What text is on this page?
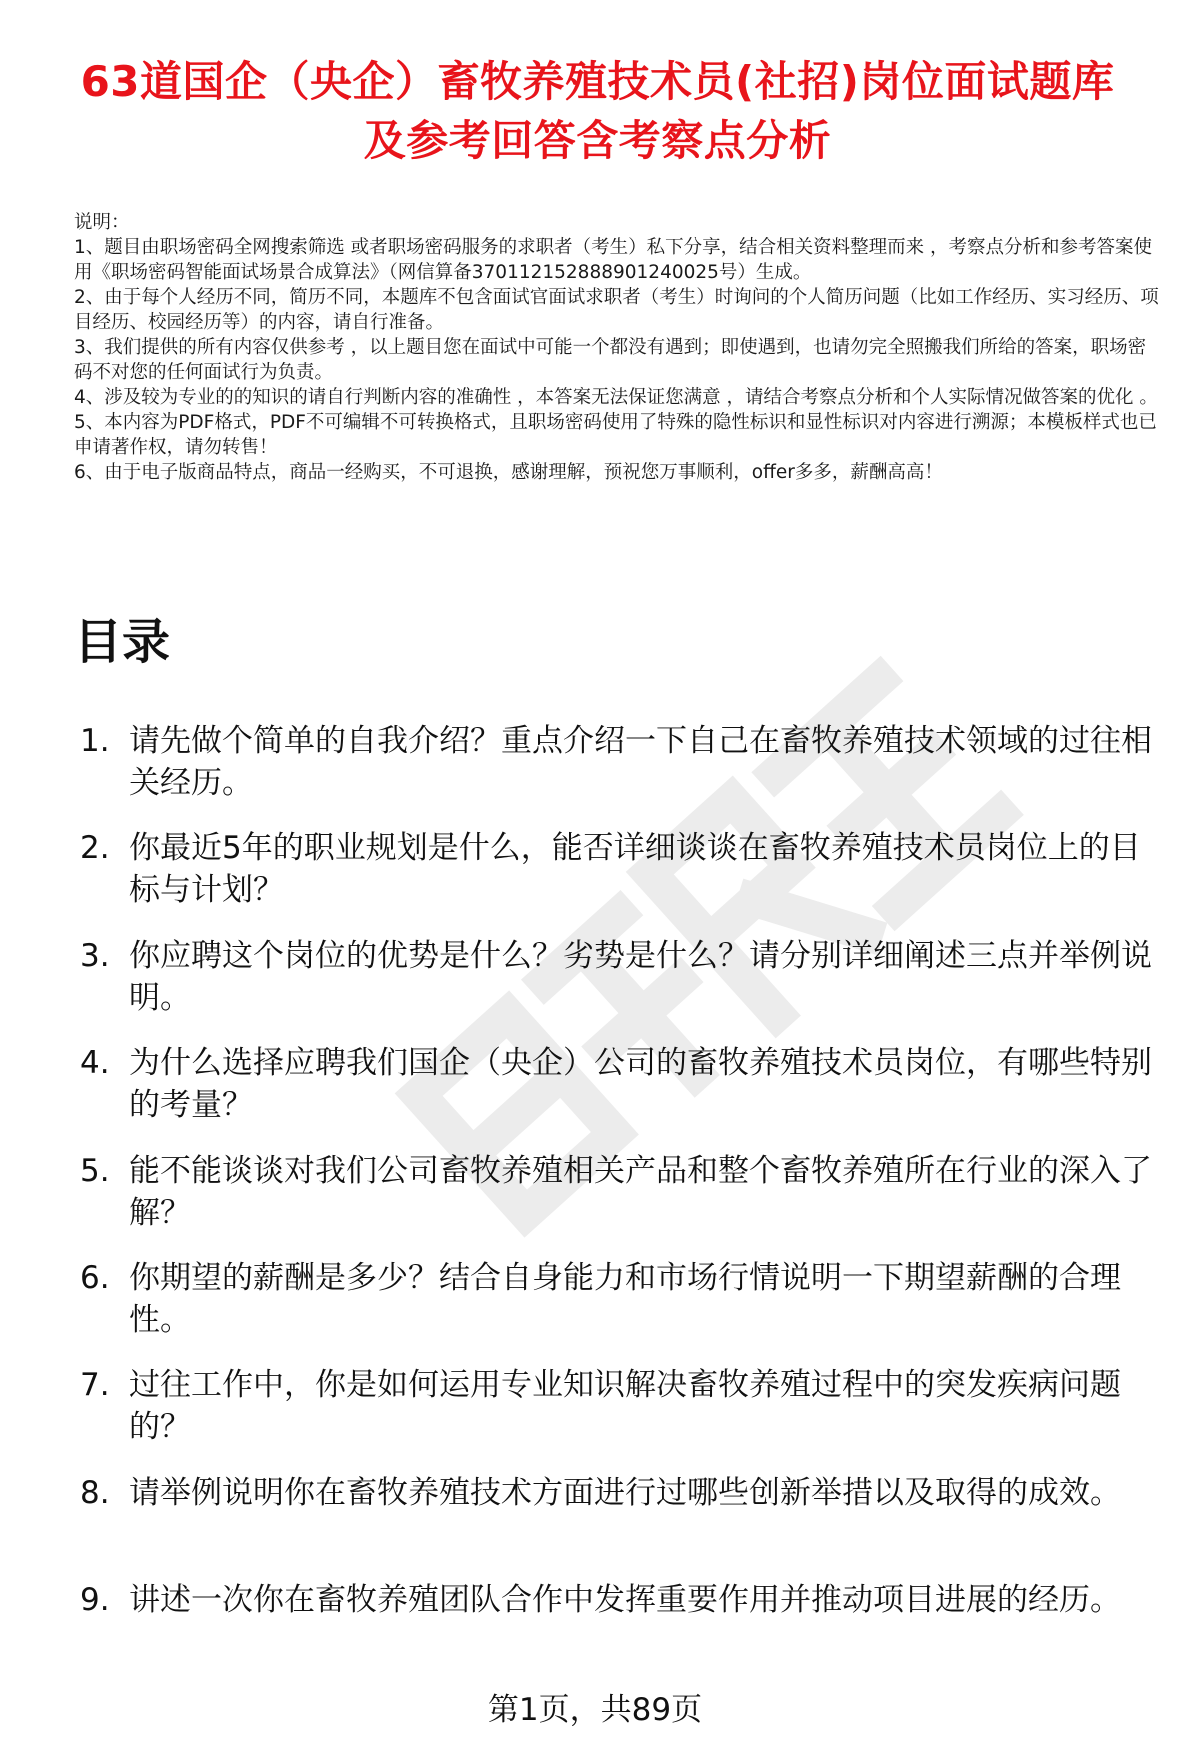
63道国企（央企）畜牧养殖技术员(社招)岗位面试题库及参考回答含考察点分析

说明：

1、题目由职场密码全网搜索筛选 或者职场密码服务的求职者（考生）私下分享，结合相关资料整理而来 ，考察点分析和参考答案使用《职场密码智能面试场景合成算法》（网信算备370112152888901240025号）生成。

2、由于每个人经历不同，简历不同，本题库不包含面试官面试求职者（考生）时询问的个人简历问题（比如工作经历、实习经历、项目经历、校园经历等）的内容，请自行准备。

3、我们提供的所有内容仅供参考 ，以上题目您在面试中可能一个都没有遇到；即使遇到，也请勿完全照搬我们所给的答案，职场密码不对您的任何面试行为负责。

4、涉及较为专业的的知识的请自行判断内容的准确性 ，本答案无法保证您满意 ，请结合考察点分析和个人实际情况做答案的优化 。

5、本内容为PDF格式，PDF不可编辑不可转换格式，且职场密码使用了特殊的隐性标识和显性标识对内容进行溯源；本模板样式也已申请著作权，请勿转售！

6、由于电子版商品特点，商品一经购买，不可退换，感谢理解，预祝您万事顺利，offer多多，薪酬高高！

目录
1. 请先做个简单的自我介绍？重点介绍一下自己在畜牧养殖技术领域的过往相关经历。
2. 你最近5年的职业规划是什么，能否详细谈谈在畜牧养殖技术员岗位上的目标与计划？
3. 你应聘这个岗位的优势是什么？劣势是什么？请分别详细阐述三点并举例说明。
4. 为什么选择应聘我们国企（央企）公司的畜牧养殖技术员岗位，有哪些特别的考量？
5. 能不能谈谈对我们公司畜牧养殖相关产品和整个畜牧养殖所在行业的深入了解？
6. 你期望的薪酬是多少？结合自身能力和市场行情说明一下期望薪酬的合理性。
7. 过往工作中，你是如何运用专业知识解决畜牧养殖过程中的突发疾病问题的？
8. 请举例说明你在畜牧养殖技术方面进行过哪些创新举措以及取得的成效。
9. 讲述一次你在畜牧养殖团队合作中发挥重要作用并推动项目进展的经历。
第1页，共89页
